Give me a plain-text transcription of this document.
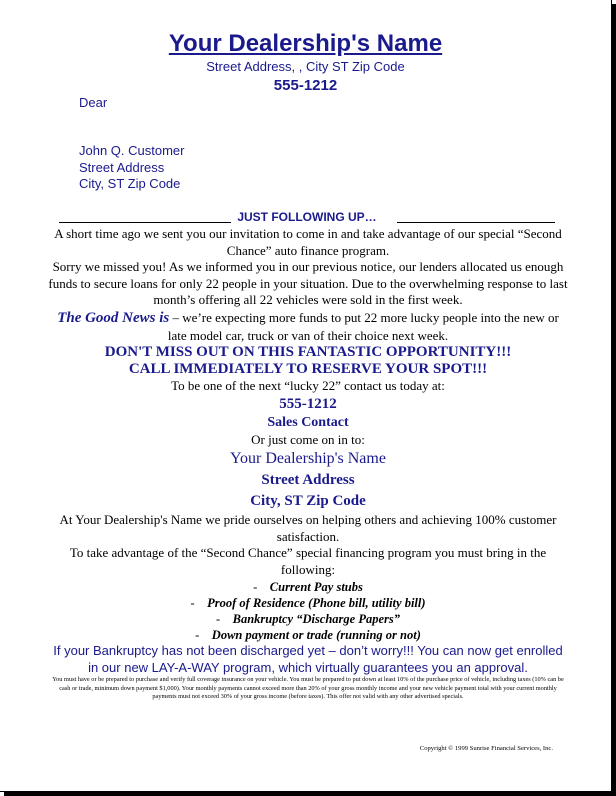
Your Dealership's Name
Street Address, , City ST Zip Code
555-1212
Dear
John Q. Customer
Street Address
City, ST Zip Code
JUST FOLLOWING UP…

A short time ago we sent you our invitation to come in and take advantage of our special “Second Chance” auto finance program.

Sorry we missed you! As we informed you in our previous notice, our lenders allocated us enough funds to secure loans for only 22 people in your situation. Due to the overwhelming response to last month’s offering all 22 vehicles were sold in the first week.

The Good News is – we’re expecting more funds to put 22 more lucky people into the new or late model car, truck or van of their choice next week.

DON'T MISS OUT ON THIS FANTASTIC OPPORTUNITY!!!

CALL IMMEDIATELY TO RESERVE YOUR SPOT!!!

To be one of the next “lucky 22” contact us today at:

555-1212

Sales Contact

Or just come on in to:

Your Dealership's Name

Street Address

City, ST Zip Code

At Your Dealership's Name we pride ourselves on helping others and achieving 100% customer satisfaction.

To take advantage of the “Second Chance” special financing program you must bring in the following:

-    Current Pay stubs
-    Proof of Residence (Phone bill, utility bill)
-    Bankruptcy “Discharge Papers”
-    Down payment or trade (running or not)

If your Bankruptcy has not been discharged yet – don’t worry!!! You can now get enrolled in our new LAY-A-WAY program, which virtually guarantees you an approval.

You must have or be prepared to purchase and verify full coverage insurance on your vehicle. You must be prepared to put down at least 10% of the purchase price of vehicle, including taxes (10% can be cash or trade, minimum down payment $1,000). Your monthly payments cannot exceed more than 20% of your gross monthly income and your new vehicle payment total with your current monthly payments must not exceed 30% of your gross income (before taxes). This offer not valid with any other advertised specials.

Copyright © 1999 Sunrise Financial Services, Inc.
